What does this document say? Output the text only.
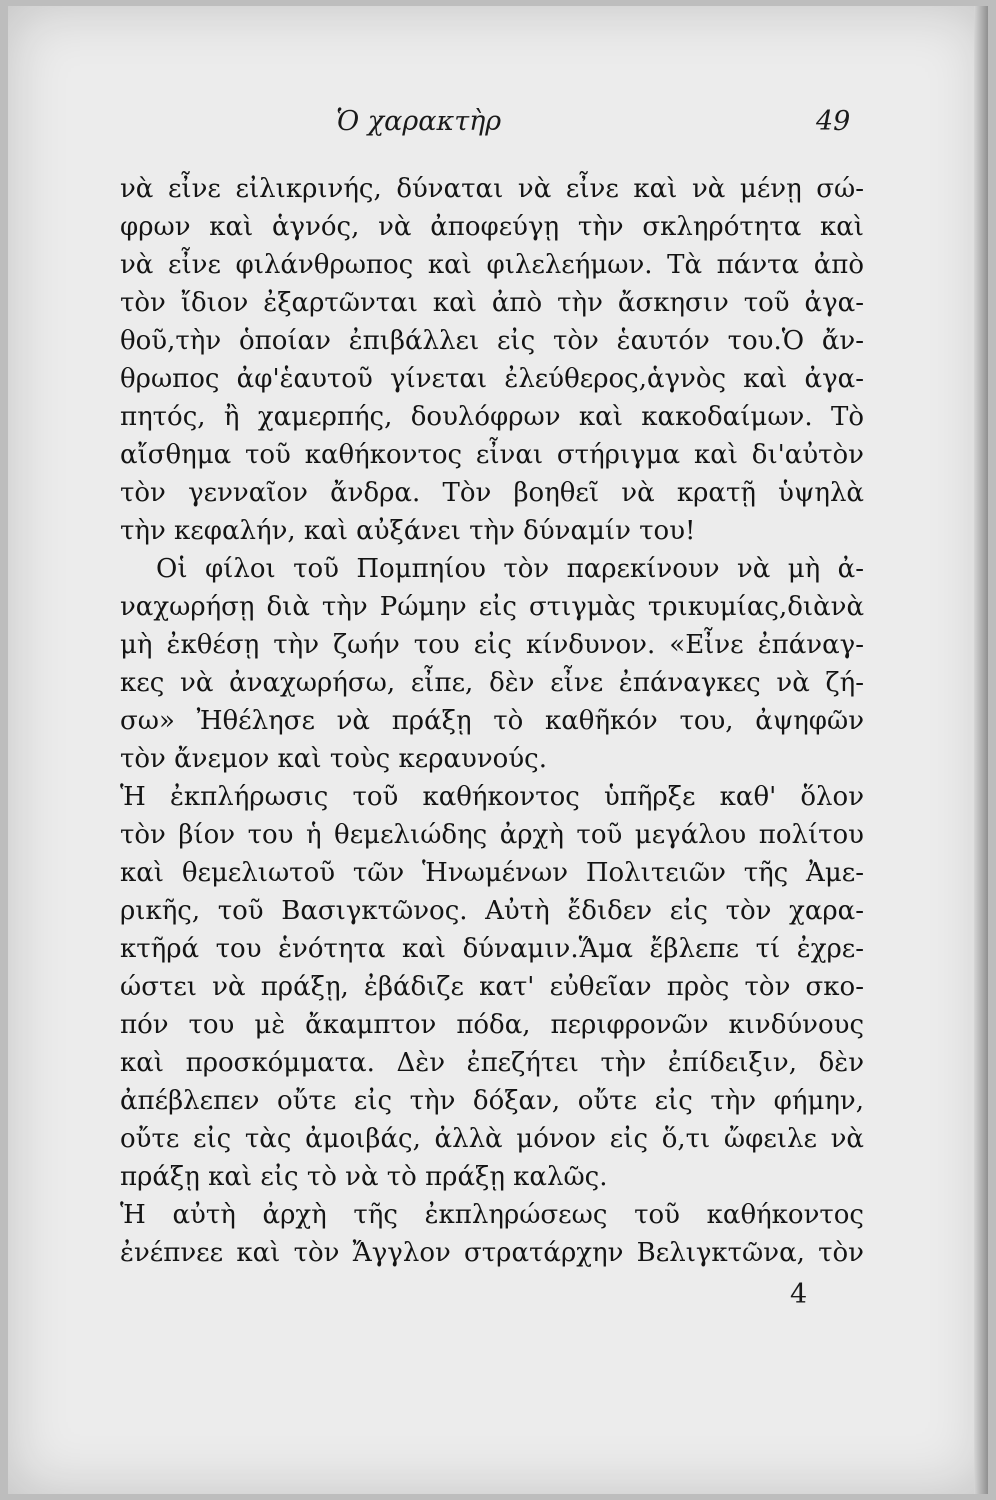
Ὁ χαρακτὴρ	49
νὰ εἶνε εἰλικρινής, δύναται νὰ εἶνε καὶ νὰ μένῃ σώ-
φρων καὶ ἁγνός, νὰ ἀποφεύγῃ τὴν σκληρότητα καὶ
νὰ εἶνε φιλάνθρωπος καὶ φιλελεήμων. Τὰ πάντα ἀπὸ
τὸν ἴδιον ἐξαρτῶνται καὶ ἀπὸ τὴν ἄσκησιν τοῦ ἀγα-
θοῦ,τὴν ὁποίαν ἐπιβάλλει εἰς τὸν ἑαυτόν του.Ὁ ἄν-
θρωπος ἀφ'ἑαυτοῦ γίνεται ἐλεύθερος,ἁγνὸς καὶ ἀγα-
πητός, ἢ χαμερπής, δουλόφρων καὶ κακοδαίμων. Τὸ
αἴσθημα τοῦ καθήκοντος εἶναι στήριγμα καὶ δι'αὐτὸν
τὸν γενναῖον ἄνδρα. Τὸν βοηθεῖ νὰ κρατῇ ὑψηλὰ
τὴν κεφαλήν, καὶ αὐξάνει τὴν δύναμίν του!
Οἱ φίλοι τοῦ Πομπηίου τὸν παρεκίνουν νὰ μὴ ἀ-
ναχωρήσῃ διὰ τὴν Ρώμην εἰς στιγμὰς τρικυμίας,διὰνὰ
μὴ ἐκθέσῃ τὴν ζωήν του εἰς κίνδυνον. «Εἶνε ἐπάναγ-
κες νὰ ἀναχωρήσω, εἶπε, δὲν εἶνε ἐπάναγκες νὰ ζή-
σω» Ἠθέλησε νὰ πράξῃ τὸ καθῆκόν του, ἀψηφῶν
τὸν ἄνεμον καὶ τοὺς κεραυνούς.
Ἡ ἐκπλήρωσις τοῦ καθήκοντος ὑπῆρξε καθ' ὅλον
τὸν βίον του ἡ θεμελιώδης ἀρχὴ τοῦ μεγάλου πολίτου
καὶ θεμελιωτοῦ τῶν Ἡνωμένων Πολιτειῶν τῆς Ἀμε-
ρικῆς, τοῦ Βασιγκτῶνος. Αὐτὴ ἔδιδεν εἰς τὸν χαρα-
κτῆρά του ἑνότητα καὶ δύναμιν.Ἅμα ἔβλεπε τί ἐχρε-
ώστει νὰ πράξῃ, ἐβάδιζε κατ' εὐθεῖαν πρὸς τὸν σκο-
πόν του μὲ ἄκαμπτον πόδα, περιφρονῶν κινδύνους
καὶ προσκόμματα. Δὲν ἐπεζήτει τὴν ἐπίδειξιν, δὲν
ἀπέβλεπεν οὔτε εἰς τὴν δόξαν, οὔτε εἰς τὴν φήμην,
οὔτε εἰς τὰς ἀμοιβάς, ἀλλὰ μόνον εἰς ὅ,τι ὤφειλε νὰ
πράξῃ καὶ εἰς τὸ νὰ τὸ πράξῃ καλῶς.
Ἡ αὐτὴ ἀρχὴ τῆς ἐκπληρώσεως τοῦ καθήκοντος
ἐνέπνεε καὶ τὸν Ἄγγλον στρατάρχην Βελιγκτῶνα, τὸν
4
